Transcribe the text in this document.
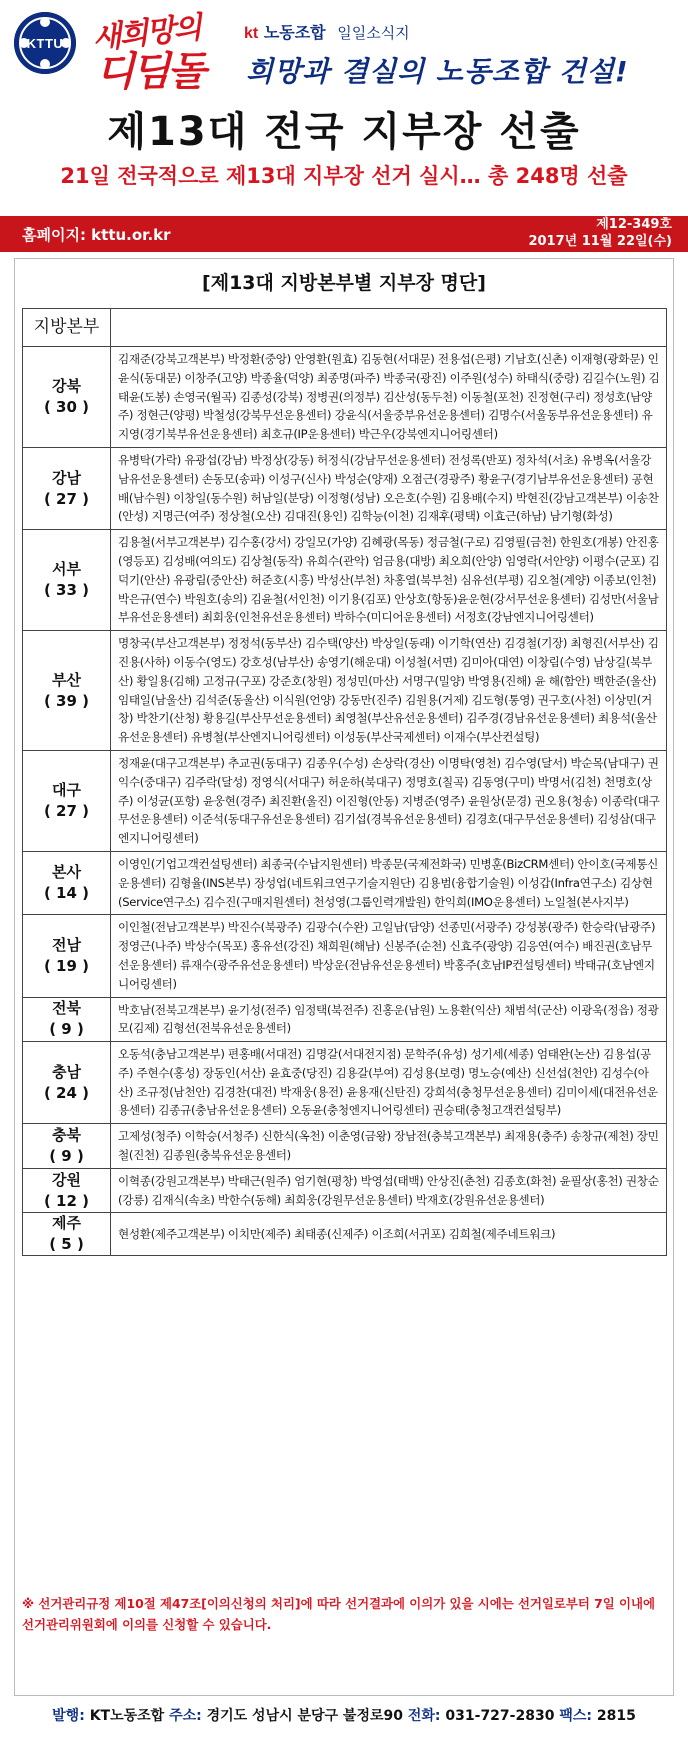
KTTU 새희망의
디딤돌
kt 노동조합 일일소식지
희망과 결실의 노동조합 건설!
제13대 전국 지부장 선출
21일 전국적으로 제13대 지부장 선거 실시… 총 248명 선출
홈페이지: kttu.or.kr
제12-349호
2017년 11월 22일(수)
[제13대 지방본부별 지부장 명단]
지방본부	

강북
( 30 )	김재준(강북고객본부) 박정환(중앙) 안영환(원효) 김동현(서대문) 전용섭(은평) 기남호(신촌) 이재형(광화문) 인윤식(동대문) 이창주(고양) 박종율(덕양) 최종명(파주) 박종국(광진) 이주원(성수) 하태식(중랑) 김길수(노원) 김태윤(도봉) 손영국(월곡) 김종성(강북) 정병권(의정부) 김산성(동두천) 이동철(포천) 진정현(구리) 정성호(남양주) 정현근(양평) 박철성(강북무선운용센터) 강윤식(서울중부유선운용센터) 김명수(서울동부유선운용센터) 유지영(경기북부유선운용센터) 최호규(IP운용센터) 박근우(강북엔지니어링센터)

강남
( 27 )	유병탁(가락) 유광섭(강남) 박정상(강동) 허정식(강남무선운용센터) 전성록(반포) 정차석(서초) 유병옥(서울강남유선운용센터) 손동모(송파) 이성구(신사) 박성순(양재) 오점근(경광주) 황윤구(경기남부유선운용센터) 공현배(남수원) 이창일(동수원) 허남일(분당) 이정형(성남) 오은호(수원) 김용배(수지) 박현진(강남고객본부) 이송찬(안성) 지명근(여주) 정상철(오산) 김대진(용인) 김학능(이천) 김재후(평택) 이효근(하남) 남기형(화성)

서부
( 33 )	김용철(서부고객본부) 김수홍(강서) 강일모(가양) 김혜광(목동) 정금철(구로) 김영필(금천) 한원호(개봉) 안진홍(영등포) 김성배(여의도) 김상철(동작) 유희수(관악) 엄금용(대방) 최오희(안양) 임영락(서안양) 이평수(군포) 김덕기(안산) 유광림(중안산) 허준호(시흥) 박성산(부천) 차홍열(북부천) 심유선(부평) 김오철(계양) 이종보(인천) 박은규(연수) 박원호(송의) 김윤철(서인천) 이기용(김포) 안상호(항동)윤운현(강서무선운용센터) 김성만(서울남부유선운용센터) 최회웅(인천유선운용센터) 박하수(미디어운용센터) 서정호(강남엔지니어링센터)

부산
( 39 )	명창국(부산고객본부) 정정석(동부산) 김수택(양산) 박상일(동래) 이기학(연산) 김경철(기장) 최형진(서부산) 김진용(사하) 이동수(영도) 강호성(남부산) 송영기(해운대) 이성철(서면) 김미아(대연) 이창림(수영) 남상길(북부산) 황일용(김해) 고정규(구포) 강준호(창원) 정성민(마산) 서명구(밀양) 박영용(진해) 윤 해(함안) 백한준(울산) 임태일(남울산) 김석준(동울산) 이식원(언양) 강동만(진주) 김원용(거제) 김도형(통영) 권구호(사천) 이상민(거창) 박찬기(산청) 황용길(부산무선운용센터) 최영철(부산유선운용센터) 김주경(경남유선운용센터) 최용석(울산유선운용센터) 유병철(부산엔지니어링센터) 이성동(부산국제센터) 이재수(부산컨설팅)

대구
( 27 )	정재윤(대구고객본부) 추교권(동대구) 김종우(수성) 손상락(경산) 이명탁(영천) 김수영(달서) 박순목(남대구) 권익수(중대구) 김주락(달성) 정영식(서대구) 허운하(북대구) 정명호(칠곡) 김동영(구미) 박명서(김천) 천명호(상주) 이성균(포항) 윤웅현(경주) 최진환(울진) 이진형(안동) 지병준(영주) 윤원상(문경) 권오용(청송) 이종락(대구무선운용센터) 이준석(동대구유선운용센터) 김기섭(경북유선운용센터) 김경호(대구무선운용센터) 김성삼(대구엔지니어링센터)

본사
( 14 )	이영인(기업고객컨설팅센터) 최종국(수납지원센터) 박종문(국제전화국) 민병훈(BizCRM센터) 안이호(국제통신운용센터) 김형율(INS본부) 장성업(네트워크연구기술지원단) 김용범(융합기술원) 이성갑(Infra연구소) 김상현(Service연구소) 김수진(구매지원센터) 천성영(그룹인력개발원) 한익희(IMO운용센터) 노일철(본사지부)

전남
( 19 )	이인철(전남고객본부) 박진수(북광주) 김광수(수완) 고일남(담양) 선종민(서광주) 강성봉(광주) 한승락(남광주) 정영근(나주) 박상수(목포) 홍유선(강진) 채희원(해남) 신봉주(순천) 신효주(광양) 김응연(여수) 배진권(호남무선운용센터) 류재수(광주유선운용센터) 박상운(전남유선운용센터) 박홍주(호남IP컨설팅센터) 박태규(호남엔지니어링센터)

전북
( 9 )	박호남(전북고객본부) 윤기성(전주) 임정택(북전주) 진홍운(남원) 노용환(익산) 채범석(군산) 이광욱(정읍) 정광모(김제) 김형선(전북유선운용센터)

충남
( 24 )	오동석(충남고객본부) 편홍배(서대전) 김명갈(서대전지점) 문학주(유성) 성기세(세종) 엄태완(논산) 김용섭(공주) 주현수(홍성) 장동인(서산) 윤효중(당진) 김용갈(부여) 김성용(보령) 명노승(예산) 신선섭(천안) 김성수(아산) 조규정(남천안) 김경찬(대전) 박재웅(용전) 윤용재(신탄진) 강희석(충청무선운용센터) 김미이세(대전유선운용센터) 김종규(충남유선운용센터) 오동윤(충청엔지니어링센터) 권승태(충청고객컨설팅부)

충북
( 9 )	고제성(청주) 이학승(서청주) 신한식(옥천) 이춘영(금왕) 장남전(충북고객본부) 최재용(충주) 송창규(제천) 장민철(진천) 김종원(충북유선운용센터)

강원
( 12 )	이혁종(강원고객본부) 박태근(원주) 엄기현(평창) 박영섭(태백) 안상진(춘천) 김종호(화천) 윤필상(홍천) 권창순(강릉) 김재식(속초) 박한수(동해) 최희웅(강원무선운용센터) 박재호(강원유선운용센터)

제주
( 5 )	현성환(제주고객본부) 이치만(제주) 최태종(신제주) 이조희(서귀포) 김희철(제주네트워크)
※ 선거관리규정 제10절 제47조[이의신청의 처리]에 따라 선거결과에 이의가 있을 시에는 선거일로부터 7일 이내에 선거관리위원회에 이의를 신청할 수 있습니다.
발행: KT노동조합 주소: 경기도 성남시 분당구 불정로90 전화: 031-727-2830 팩스: 2815
